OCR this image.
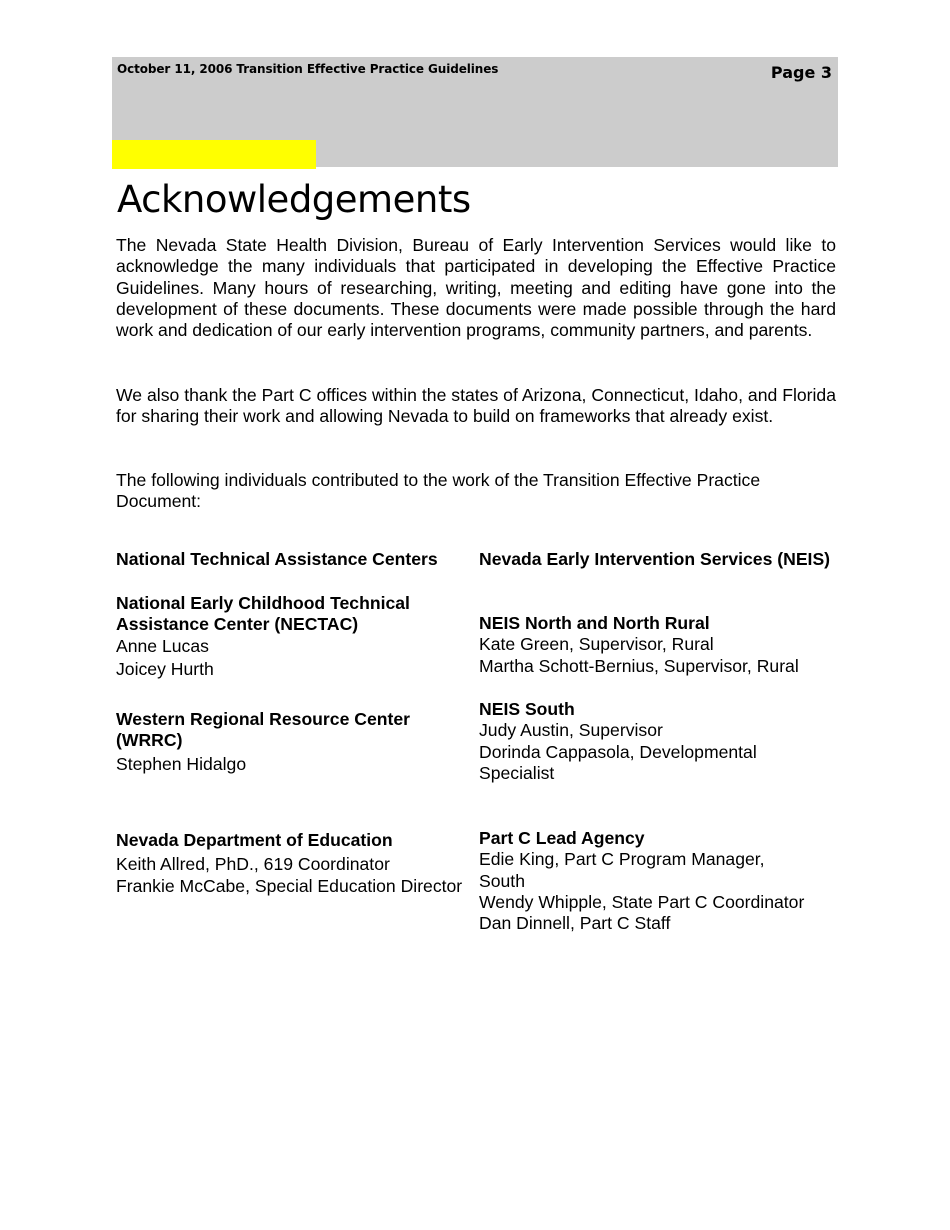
October 11, 2006 Transition Effective Practice Guidelines	Page 3
Acknowledgements

The Nevada State Health Division, Bureau of Early Intervention Services would like to acknowledge the many individuals that participated in developing the Effective Practice Guidelines. Many hours of researching, writing, meeting and editing have gone into the development of these documents. These documents were made possible through the hard work and dedication of our early intervention programs, community partners, and parents.

We also thank the Part C offices within the states of Arizona, Connecticut, Idaho, and Florida for sharing their work and allowing Nevada to build on frameworks that already exist.

The following individuals contributed to the work of the Transition Effective Practice Document:

National Technical Assistance Centers
National Early Childhood Technical Assistance Center (NECTAC)
Anne Lucas
Joicey Hurth
Western Regional Resource Center (WRRC)
Stephen Hidalgo
Nevada Department of Education
Keith Allred, PhD., 619 Coordinator
Frankie McCabe, Special Education Director
Nevada Early Intervention Services (NEIS)
NEIS North and North Rural
Kate Green, Supervisor, Rural
Martha Schott-Bernius, Supervisor, Rural
NEIS South
Judy Austin, Supervisor
Dorinda Cappasola, Developmental Specialist
Part C Lead Agency
Edie King, Part C Program Manager, South
Wendy Whipple, State Part C Coordinator
Dan Dinnell, Part C Staff
